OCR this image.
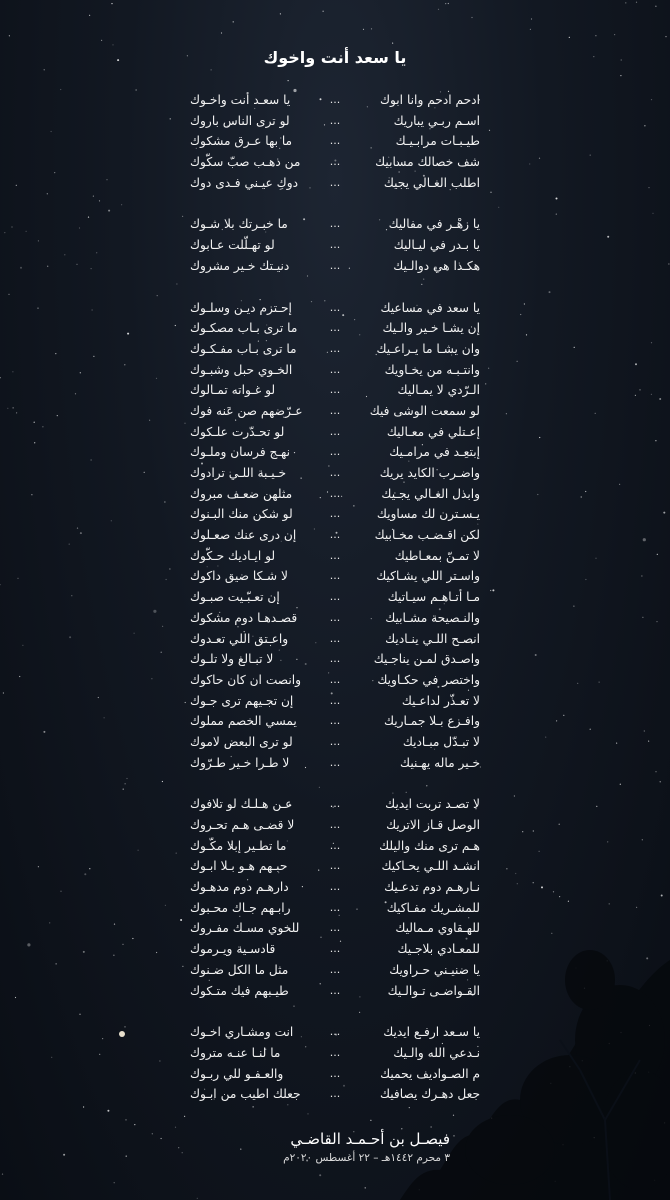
يا سعد أنت واخوك
ادحم ادحم وانا ابوك
...
يا سعـد أنت واخـوك
اسـم ربـي يباريك
...
لو ترى الناس باروك
طيـبـات مرابـيـك
...
ما بها عـرق مشكوك
شف خصالك مسابيك
...
من ذهـب صبّ سكّوك
اطلب الغـالي يجيك
...
دوكِ عيـني فـدى دوك
يا زهْـر في مفاليك
...
ما خبـرتك بلا شـوك
يا بـدر في ليـاليك
...
لو تهـلّلت عـابوك
هكـذا هي دوالـيك
...
دنيـتك خـير مشروك
يا سعد في مساعيك
...
إحـتزم ديـن وسلـوك
إن يشـا خـير والـيك
...
ما ترى بـاب مصكـوك
وان يشـا ما يـراعـيك
...
ما ترى بـاب مفـكـوك
وانتـبـه من يخـاويك
...
الخـوي حبل وشبـوك
الـرّدي لا يمـاليك
...
لو غـواته تمـالوك
لو سمعت الوشى فيك
...
عـرّضهم صن عَنه فوك
إعـتلي في معـاليك
...
لو تحـدّرت علـكوك
إبتعِـد في مرامـيك
...
نهـج فرسان وملـوك
واضـرب الكايد يريك
...
خـيـبة اللـي ترادوك
وابذل الغـالي يجـيك
...
مثلهن ضعـف مبروك
يـسـترن لك مساويك
...
لو شكن منك البـنوك
لكن اقـضـب مخـابيك
...
إن درى عنك صعـلوك
لا تمـنّ بمعـاطيك
...
لو ايـاديك حـكّوك
واسـتر اللي يشـاكيك
...
لا شـكا ضيق داكوك
مـا أتـاهـم سيـاتيك
...
إن تعـبّـيت صبـوك
والنـصيحة مشـابيك
...
قصـدهـا دوم مشكوك
انصـح اللـي ينـاديك
...
واعـتق اللي تعـدوك
واصـدق لمـن يناجـيك
...
لا تبـالغ ولا تلـوك
واختصر في حكـاويك
...
وانصت ان كان حاكوك
لا تعـذّر لداعـيك
...
إن تجـيهم ترى جـوك
وافـزع بـلا جمـاريك
...
يمسي الخصم مملوك
لا تبـدّل مبـاديك
...
لو ترى البعض لاموك
خـير ماله يهـنيك
...
لا طـرا خـير طـرّوك
لا تصـد تربت ايديك
...
عـن هـلـك لو تلافوك
الوصل قـاز الاتريك
...
لا قضـى هـم تحـروك
هـم ترى منك واليلك
...
ما تطـير إبلا مكّـوك
انشـد اللـي يحـاكيك
...
حبـهم هـو بـلا ابـوك
نـارهـم دوم تدعـيك
...
دارهـم دوم مدهـوك
للمشـريك مفـاكيك
...
رابـهم جـاك محـبوك
للهـقاوي مـماليك
...
للخوي مسـك مفـروك
للمعـادي بلاجـيك
...
قادسـية ويـرموك
يا ضنيـني حـراويك
...
مثل ما الكل ضـنوك
القـواضـى تـوالـيك
...
طيـبهم فيك متـكوك
يا سـعد ارفـع ايديك
...
انت ومشـاري اخـوك
نـدعي الله والـيك
...
ما لنـا عنـه متروك
م الصـواديف يحميك
...
والعـفـو للي ربـوك
جعل دهـرك يصافيك
...
جعلك اطيب من ابـوك
فيصـل بن أحـمـد القاضـي
٣ محرم ١٤٤٢هـ – ٢٢ أغسطس ٢٠٢٠م
